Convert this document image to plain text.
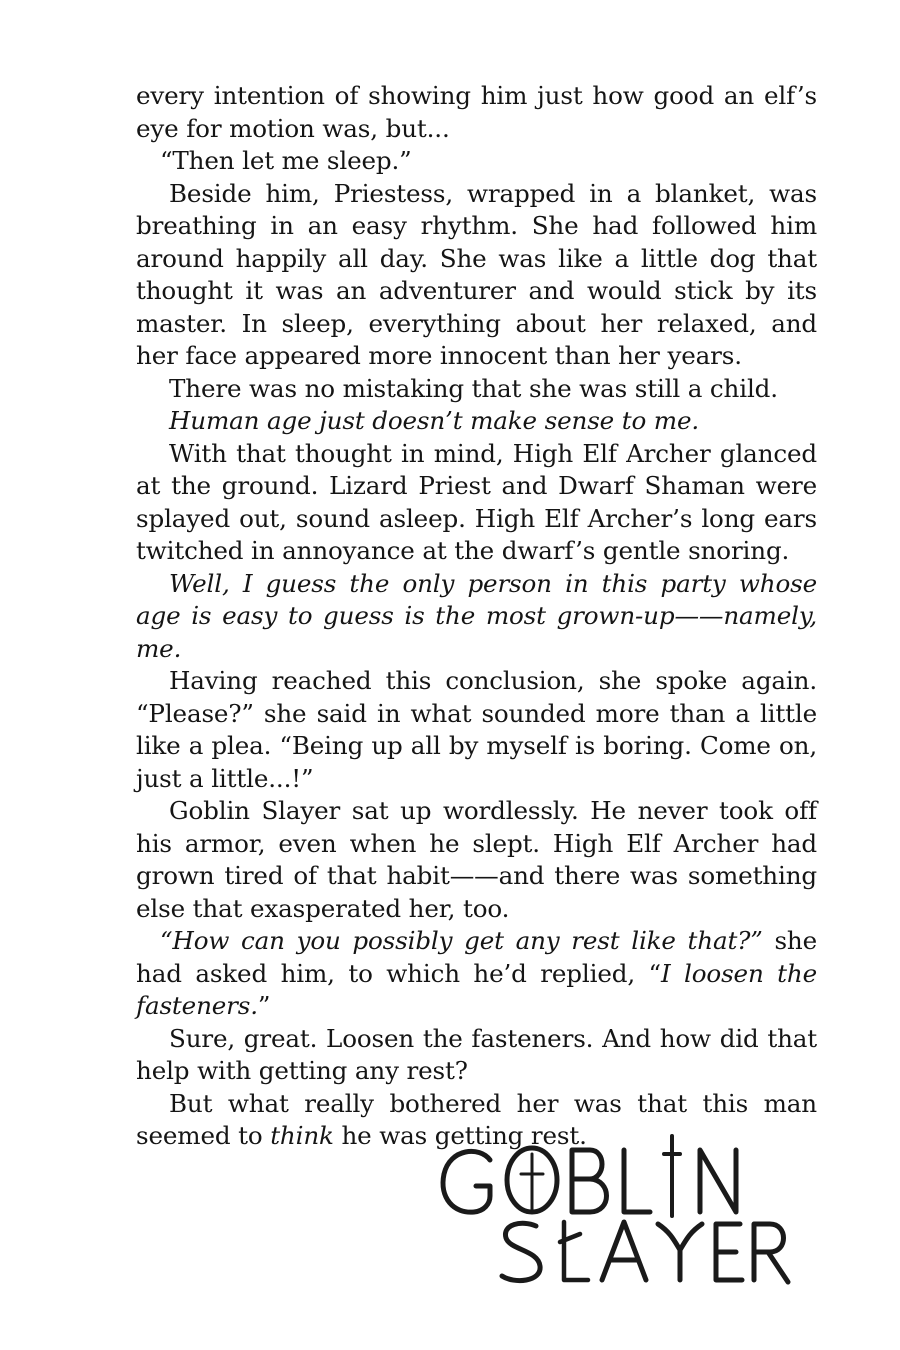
every intention of showing him just how good an elf’s eye for motion was, but...

“Then let me sleep.”

Beside him, Priestess, wrapped in a blanket, was breathing in an easy rhythm. She had followed him around happily all day. She was like a little dog that thought it was an adventurer and would stick by its master. In sleep, everything about her relaxed, and her face appeared more innocent than her years.

There was no mistaking that she was still a child.

Human age just doesn’t make sense to me.

With that thought in mind, High Elf Archer glanced at the ground. Lizard Priest and Dwarf Shaman were splayed out, sound asleep. High Elf Archer’s long ears twitched in annoyance at the dwarf’s gentle snoring.

Well, I guess the only person in this party whose age is easy to guess is the most grown-up——namely, me.

Having reached this conclusion, she spoke again. “Please?” she said in what sounded more than a little like a plea. “Being up all by myself is boring. Come on, just a little...!”

Goblin Slayer sat up wordlessly. He never took off his armor, even when he slept. High Elf Archer had grown tired of that habit——and there was something else that exasperated her, too.

“How can you possibly get any rest like that?” she had asked him, to which he’d replied, “I loosen the fasteners.”

Sure, great. Loosen the fasteners. And how did that help with getting any rest?

But what really bothered her was that this man seemed to think he was getting rest.
